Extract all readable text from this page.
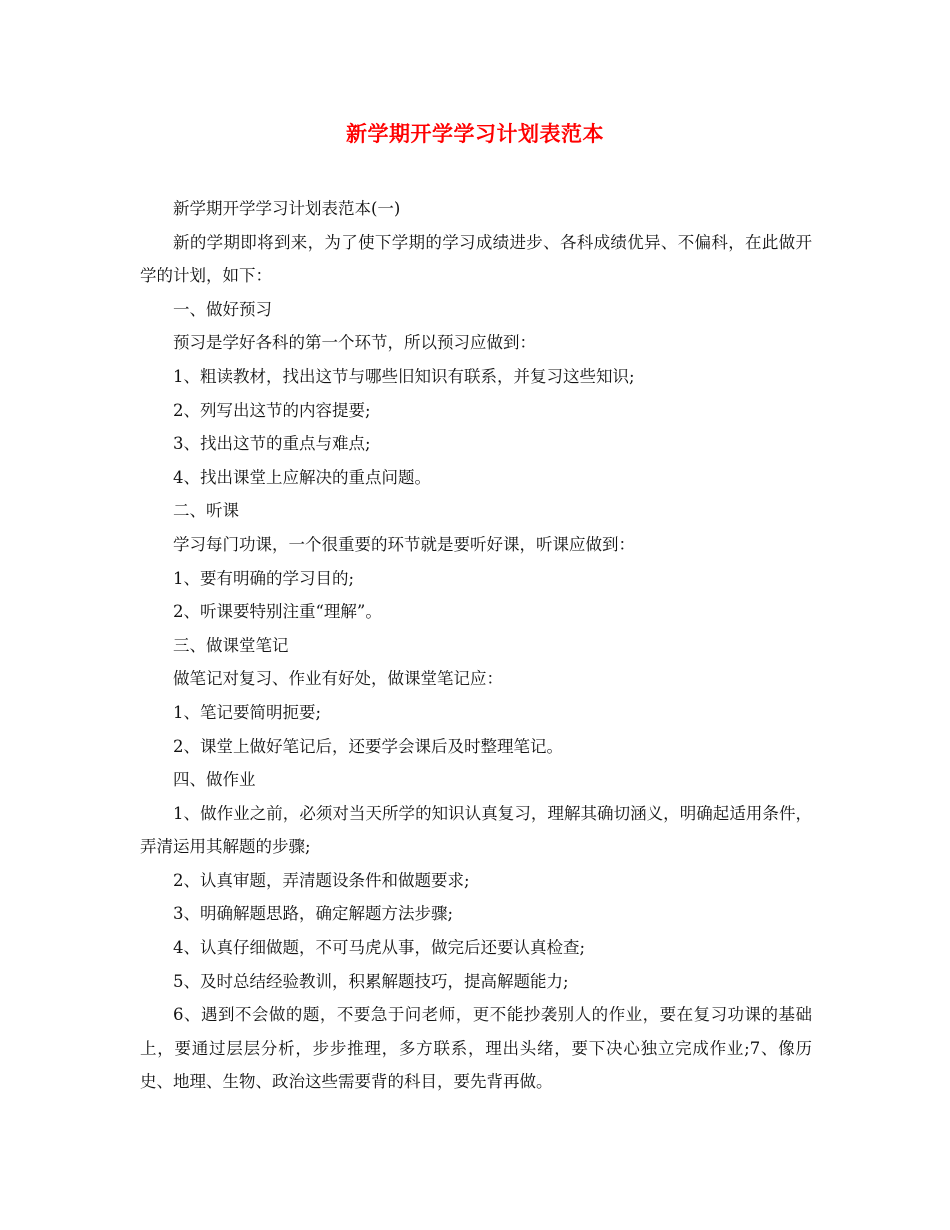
新学期开学学习计划表范本

新学期开学学习计划表范本(一)

新的学期即将到来，为了使下学期的学习成绩进步、各科成绩优异、不偏科，在此做开学的计划，如下：

一、做好预习

预习是学好各科的第一个环节，所以预习应做到：

1、粗读教材，找出这节与哪些旧知识有联系，并复习这些知识;

2、列写出这节的内容提要;

3、找出这节的重点与难点;

4、找出课堂上应解决的重点问题。

二、听课

学习每门功课，一个很重要的环节就是要听好课，听课应做到：

1、要有明确的学习目的;

2、听课要特别注重“理解”。

三、做课堂笔记

做笔记对复习、作业有好处，做课堂笔记应：

1、笔记要简明扼要;

2、课堂上做好笔记后，还要学会课后及时整理笔记。

四、做作业

1、做作业之前，必须对当天所学的知识认真复习，理解其确切涵义，明确起适用条件，弄清运用其解题的步骤;

2、认真审题，弄清题设条件和做题要求;

3、明确解题思路，确定解题方法步骤;

4、认真仔细做题，不可马虎从事，做完后还要认真检查;

5、及时总结经验教训，积累解题技巧，提高解题能力;

6、遇到不会做的题，不要急于问老师，更不能抄袭别人的作业，要在复习功课的基础上，要通过层层分析，步步推理，多方联系，理出头绪，要下决心独立完成作业;7、像历史、地理、生物、政治这些需要背的科目，要先背再做。
